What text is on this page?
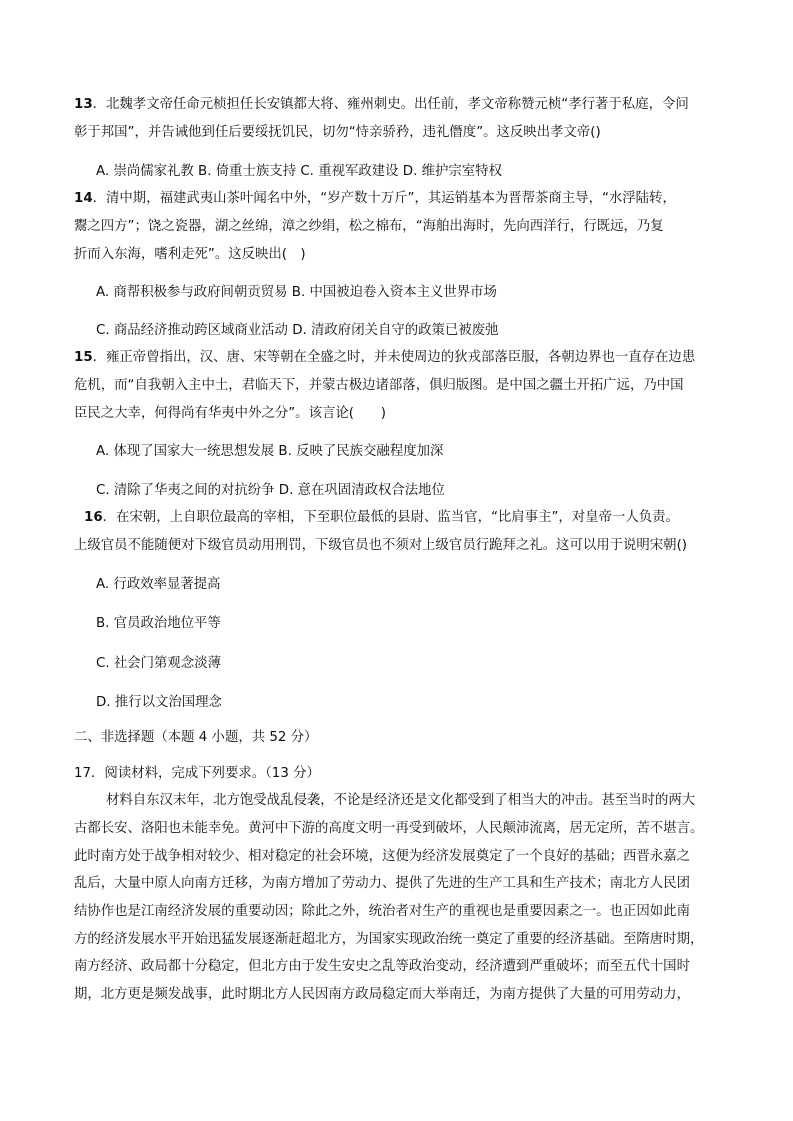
13．北魏孝文帝任命元桢担任长安镇都大将、雍州刺史。出任前，孝文帝称赞元桢“孝行著于私庭，令问
彰于邦国”，并告诫他到任后要绥抚饥民，切勿“恃亲骄矜，违礼僭度”。这反映出孝文帝()
A. 崇尚儒家礼教 B. 倚重士族支持 C. 重视军政建设 D. 维护宗室特权
14．清中期，福建武夷山茶叶闻名中外，“岁产数十万斤”，其运销基本为晋帮茶商主导，“水浮陆转，
鬻之四方”；饶之瓷器，湖之丝绵，漳之纱绢，松之棉布，“海舶出海时，先向西洋行，行既远，乃复
折而入东海，嗜利走死”。这反映出(　)
A. 商帮积极参与政府间朝贡贸易 B. 中国被迫卷入资本主义世界市场
C. 商品经济推动跨区域商业活动 D. 清政府闭关自守的政策已被废弛
15．雍正帝曾指出，汉、唐、宋等朝在全盛之时，并未使周边的狄戎部落臣服，各朝边界也一直存在边患
危机，而“自我朝入主中土，君临天下，并蒙古极边诸部落，俱归版图。是中国之疆土开拓广远，乃中国
臣民之大幸，何得尚有华夷中外之分”。该言论(　　)
A. 体现了国家大一统思想发展 B. 反映了民族交融程度加深
C. 清除了华夷之间的对抗纷争 D. 意在巩固清政权合法地位
16．在宋朝，上自职位最高的宰相，下至职位最低的县尉、监当官，“比肩事主”，对皇帝一人负责。
上级官员不能随便对下级官员动用刑罚，下级官员也不须对上级官员行跪拜之礼。这可以用于说明宋朝()
A. 行政效率显著提高
B. 官员政治地位平等
C. 社会门第观念淡薄
D. 推行以文治国理念
二、非选择题（本题 4 小题，共 52 分）
17．阅读材料，完成下列要求。（13 分）
材料自东汉末年，北方饱受战乱侵袭，不论是经济还是文化都受到了相当大的冲击。甚至当时的两大
古都长安、洛阳也未能幸免。黄河中下游的高度文明一再受到破坏，人民颠沛流离，居无定所，苦不堪言。
此时南方处于战争相对较少、相对稳定的社会环境，这便为经济发展奠定了一个良好的基础；西晋永嘉之
乱后，大量中原人向南方迁移，为南方增加了劳动力、提供了先进的生产工具和生产技术；南北方人民团
结协作也是江南经济发展的重要动因；除此之外，统治者对生产的重视也是重要因素之一。也正因如此南
方的经济发展水平开始迅猛发展逐渐赶超北方，为国家实现政治统一奠定了重要的经济基础。至隋唐时期，
南方经济、政局都十分稳定，但北方由于发生安史之乱等政治变动，经济遭到严重破坏；而至五代十国时
期，北方更是频发战事，此时期北方人民因南方政局稳定而大举南迁，为南方提供了大量的可用劳动力，
